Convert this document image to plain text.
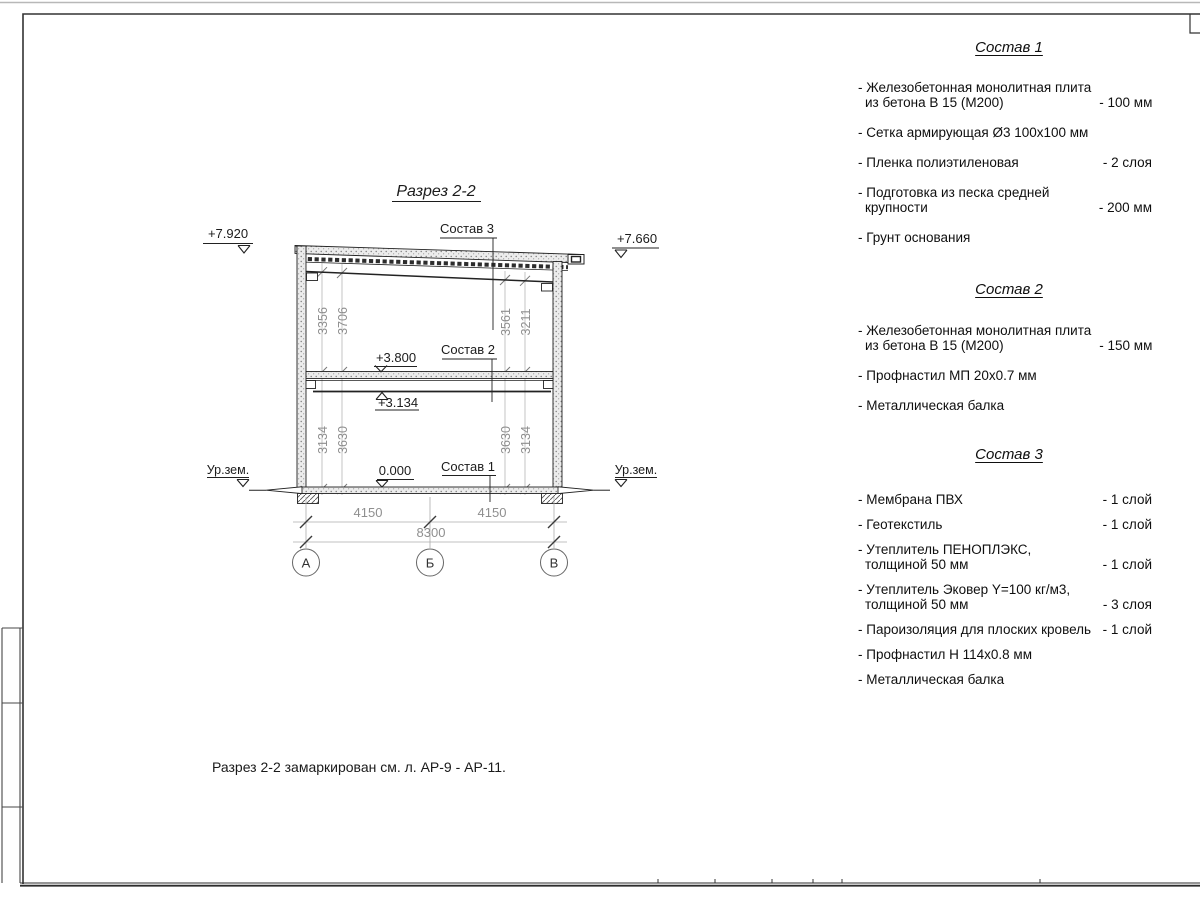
Разрез 2-2
3356 3706	3561 3211
3134 3630	3630 3134
4150	4150
8300
А	Б	В
Состав 3
Состав 2
Состав 1
+7.920	+7.660
+3.800
+3.134
0.000
Ур.зем.	Ур.зем.
Состав 1
- Железобетонная монолитная плита
из бетона В 15 (М200)	- 100 мм
- Сетка армирующая Ø3 100x100 мм
- Пленка полиэтиленовая	- 2 слоя
- Подготовка из песка средней
крупности	- 200 мм
- Грунт основания
Состав 2
- Железобетонная монолитная плита
из бетона В 15 (М200)	- 150 мм
- Профнастил МП 20x0.7 мм
- Металлическая балка
Состав 3
- Мембрана ПВХ	- 1 слой
- Геотекстиль	- 1 слой
- Утеплитель ПЕНОПЛЭКС,
толщиной 50 мм	- 1 слой
- Утеплитель Эковер Y=100 кг/м3,
толщиной 50 мм	- 3 слоя
- Пароизоляция для плоских кровель - 1 слой
- Профнастил Н 114x0.8 мм
- Металлическая балка
Разрез 2-2 замаркирован см. л. АР-9 - АР-11.
